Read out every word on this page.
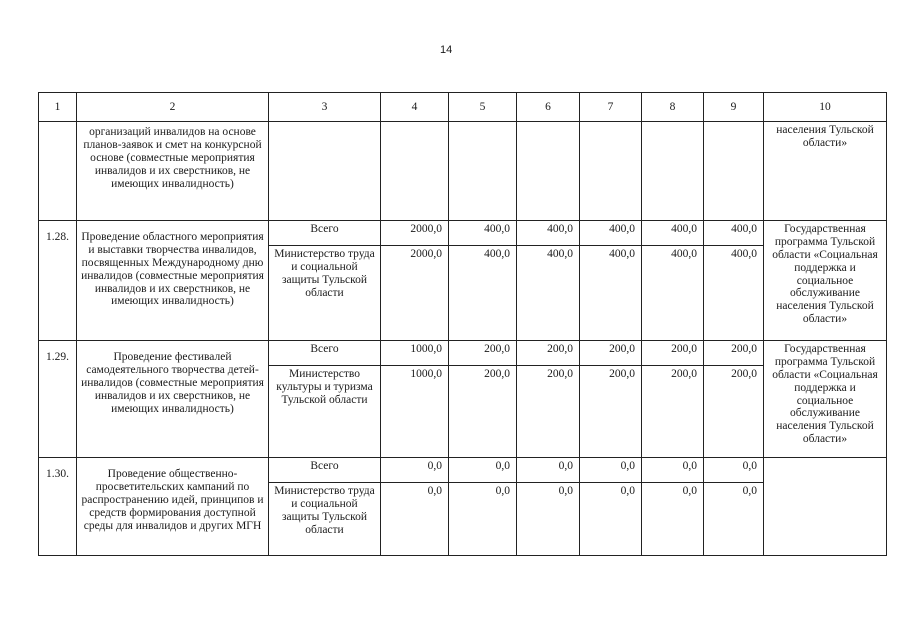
14
1	2	3	4	5	6	7	8	9	10
	организаций инвалидов на основе планов-заявок и смет на конкурсной основе (совместные мероприятия инвалидов и их сверстников, не имеющих инвалидность)								населения Тульской области»
1.28.	Проведение областного мероприятия и выставки творчества инвалидов, посвященных Международному дню инвалидов (совместные мероприятия инвалидов и их сверстников, не имеющих инвалидность)	Всего	2000,0	400,0	400,0	400,0	400,0	400,0	Государственная программа Тульской области «Социальная поддержка и социальное обслуживание населения Тульской области»
		Министерство труда и социальной защиты Тульской области	2000,0	400,0	400,0	400,0	400,0	400,0	
1.29.	Проведение фестивалей самодеятельного творчества детей-инвалидов (совместные мероприятия инвалидов и их сверстников, не имеющих инвалидность)	Всего	1000,0	200,0	200,0	200,0	200,0	200,0	Государственная программа Тульской области «Социальная поддержка и социальное обслуживание населения Тульской области»
		Министерство культуры и туризма Тульской области	1000,0	200,0	200,0	200,0	200,0	200,0	
1.30.	Проведение общественно-просветительских кампаний по распространению идей, принципов и средств формирования доступной среды для инвалидов и других МГН	Всего	0,0	0,0	0,0	0,0	0,0	0,0	
		Министерство труда и социальной защиты Тульской области	0,0	0,0	0,0	0,0	0,0	0,0	
